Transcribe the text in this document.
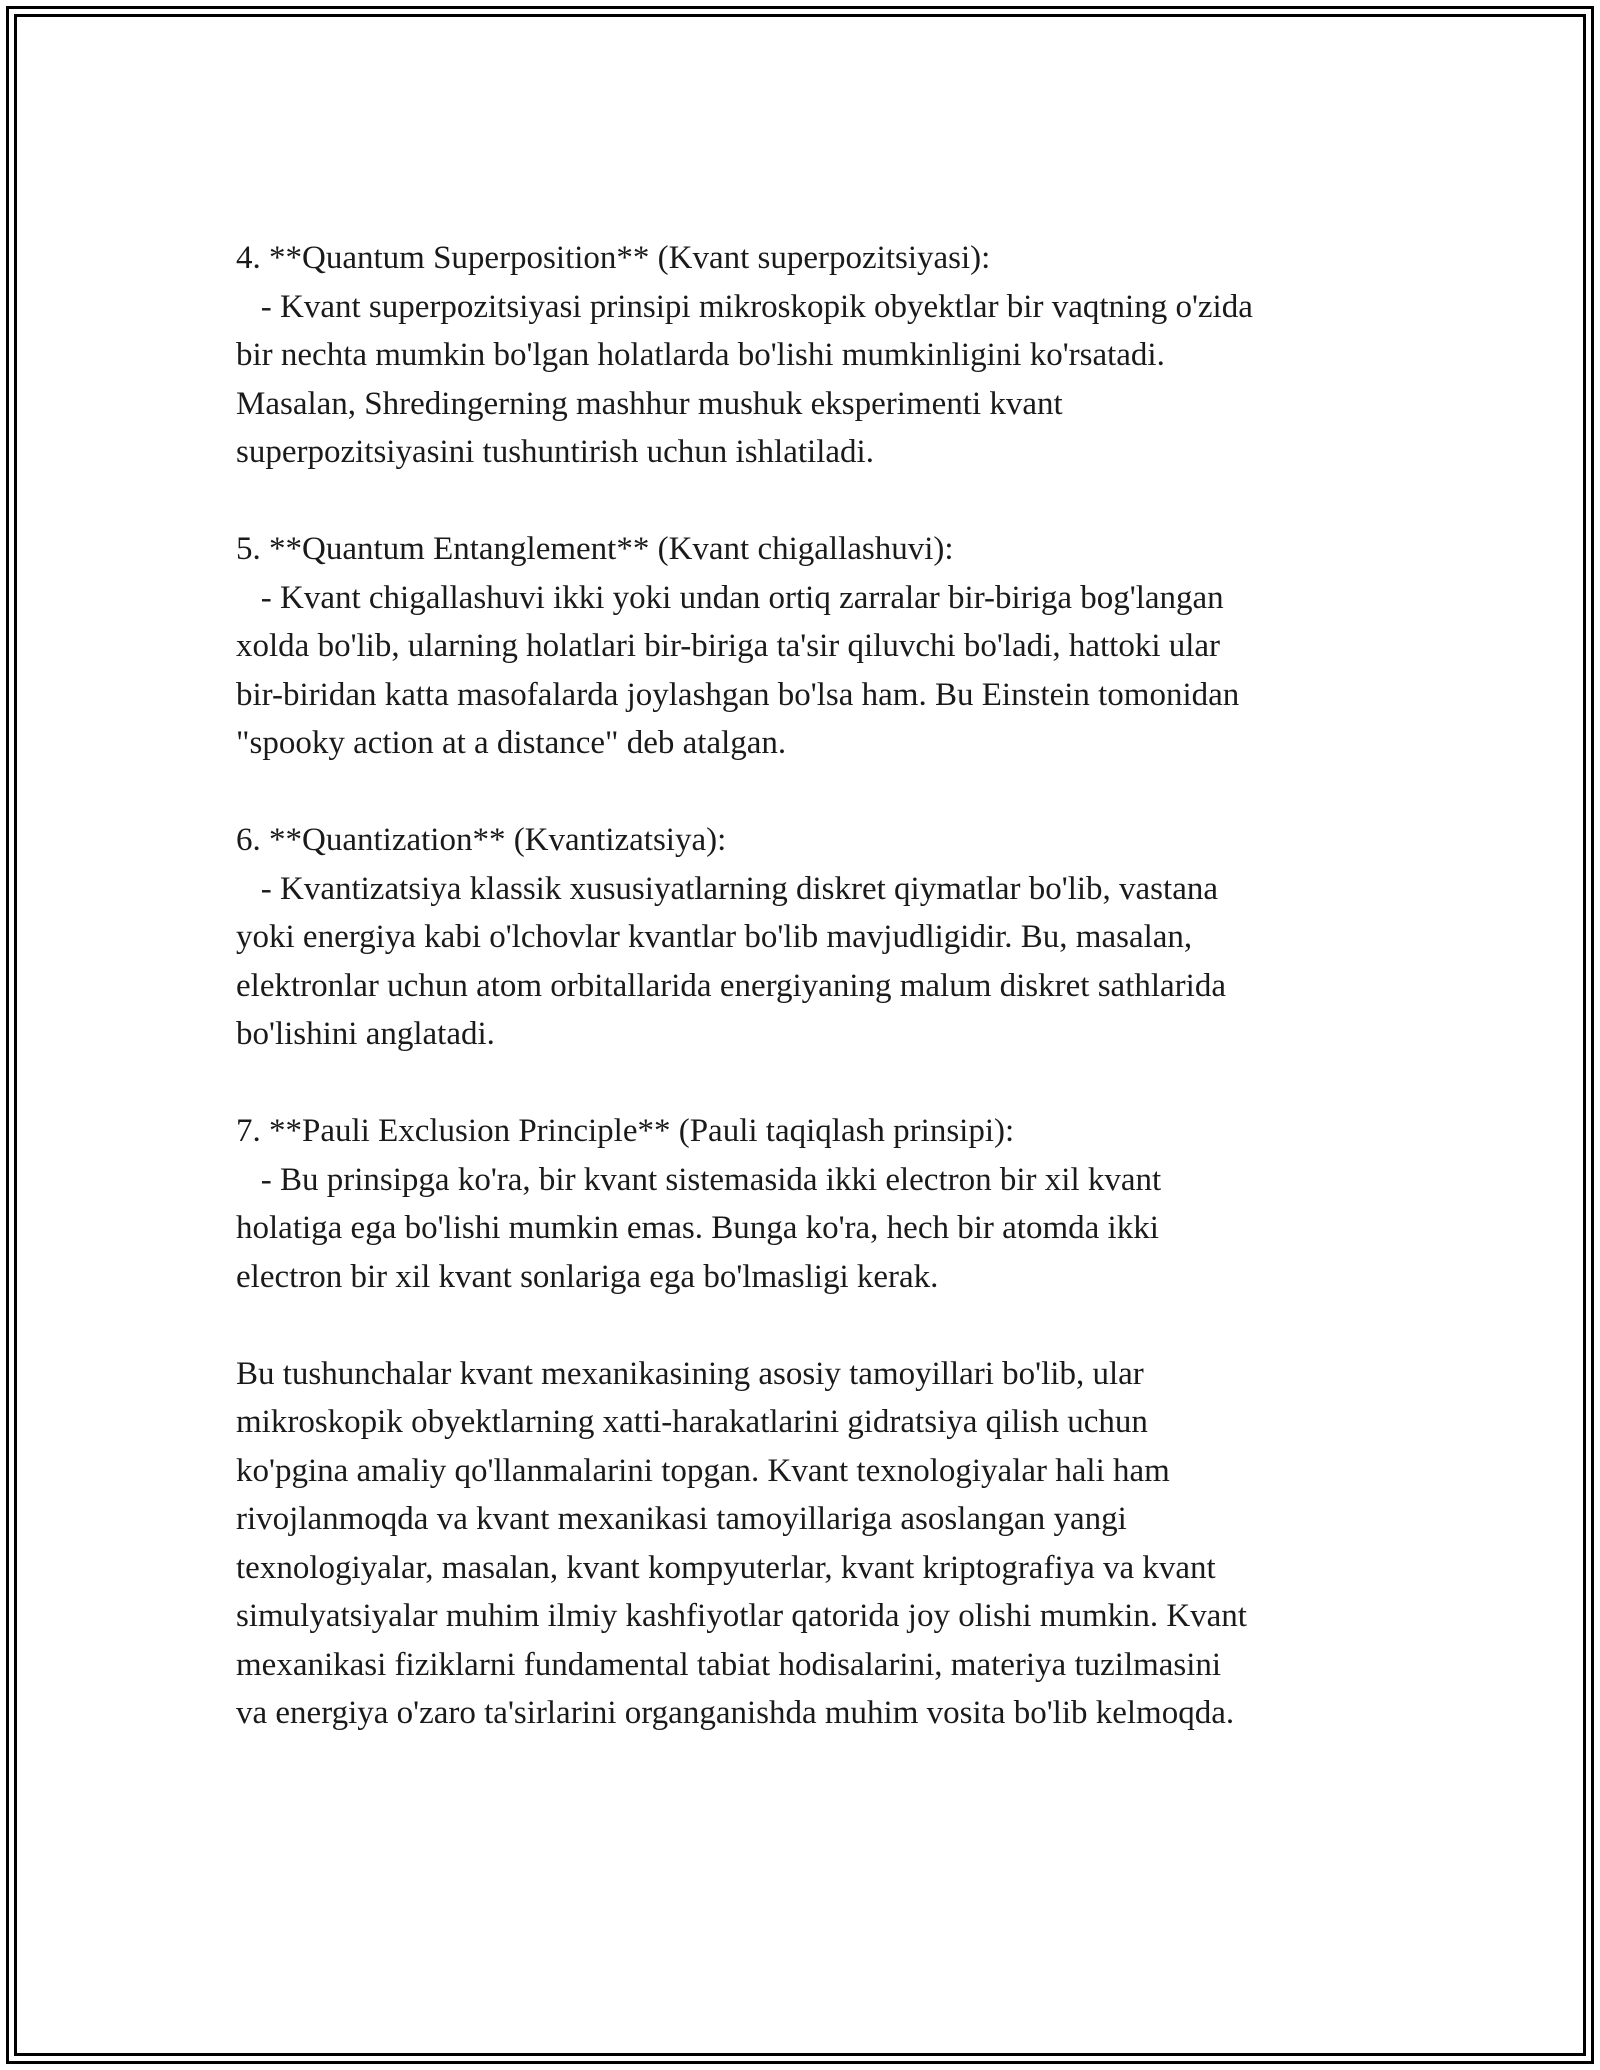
4. **Quantum Superposition** (Kvant superpozitsiyasi):
- Kvant superpozitsiyasi prinsipi mikroskopik obyektlar bir vaqtning o'zida
bir nechta mumkin bo'lgan holatlarda bo'lishi mumkinligini ko'rsatadi.
Masalan, Shredingerning mashhur mushuk eksperimenti kvant
superpozitsiyasini tushuntirish uchun ishlatiladi.
5. **Quantum Entanglement** (Kvant chigallashuvi):
- Kvant chigallashuvi ikki yoki undan ortiq zarralar bir-biriga bog'langan
xolda bo'lib, ularning holatlari bir-biriga ta'sir qiluvchi bo'ladi, hattoki ular
bir-biridan katta masofalarda joylashgan bo'lsa ham. Bu Einstein tomonidan
"spooky action at a distance" deb atalgan.
6. **Quantization** (Kvantizatsiya):
- Kvantizatsiya klassik xususiyatlarning diskret qiymatlar bo'lib, vastana
yoki energiya kabi o'lchovlar kvantlar bo'lib mavjudligidir. Bu, masalan,
elektronlar uchun atom orbitallarida energiyaning malum diskret sathlarida
bo'lishini anglatadi.
7. **Pauli Exclusion Principle** (Pauli taqiqlash prinsipi):
- Bu prinsipga ko'ra, bir kvant sistemasida ikki electron bir xil kvant
holatiga ega bo'lishi mumkin emas. Bunga ko'ra, hech bir atomda ikki
electron bir xil kvant sonlariga ega bo'lmasligi kerak.
Bu tushunchalar kvant mexanikasining asosiy tamoyillari bo'lib, ular
mikroskopik obyektlarning xatti-harakatlarini gidratsiya qilish uchun
ko'pgina amaliy qo'llanmalarini topgan. Kvant texnologiyalar hali ham
rivojlanmoqda va kvant mexanikasi tamoyillariga asoslangan yangi
texnologiyalar, masalan, kvant kompyuterlar, kvant kriptografiya va kvant
simulyatsiyalar muhim ilmiy kashfiyotlar qatorida joy olishi mumkin. Kvant
mexanikasi fiziklarni fundamental tabiat hodisalarini, materiya tuzilmasini
va energiya o'zaro ta'sirlarini organganishda muhim vosita bo'lib kelmoqda.
